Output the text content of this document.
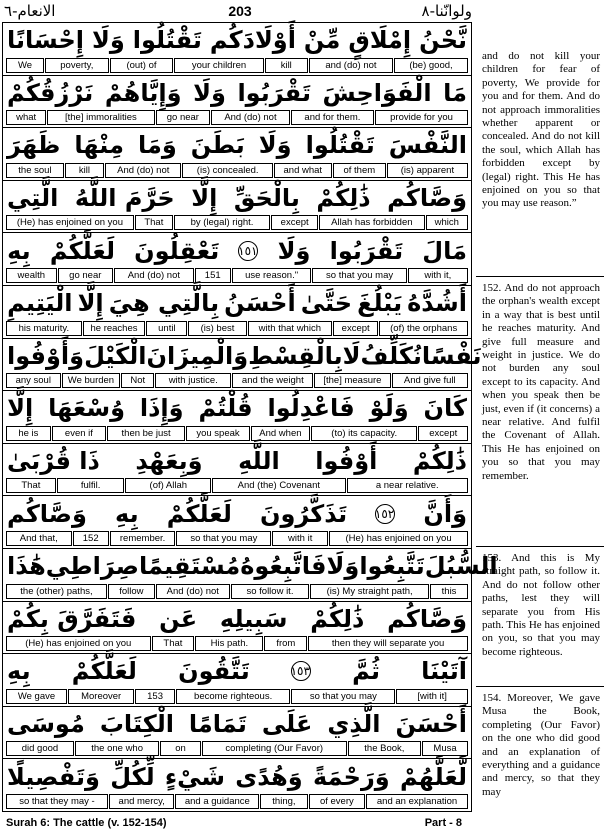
الانعام-٦	203	ولوانّنا-٨
إِحْسَانًا وَلَا تَقْتُلُوا أَوْلَادَكُم مِّنْ إِمْلَاقٍ نَّحْنُ
We	poverty,	(out) of	your children	kill	and (do) not	(be) good,
نَرْزُقُكُمْ وَإِيَّاهُمْ وَلَا تَقْرَبُوا الْفَوَاحِشَ مَا
what	[the] immoralities	go near	And (do) not	and for them.	provide for you
ظَهَرَ مِنْهَا وَمَا بَطَنَ وَلَا تَقْتُلُوا النَّفْسَ
the soul	kill	And (do) not	(is) concealed.	and what	of them	(is) apparent
الَّتِي حَرَّمَ اللَّهُ إِلَّا بِالْحَقِّ ذَٰلِكُمْ وَصَّاكُم
(He) has enjoined on you	That	by (legal) right.	except	Allah has forbidden	which
بِهِ لَعَلَّكُمْ تَعْقِلُونَ ١٥١ وَلَا تَقْرَبُوا مَالَ
wealth	go near	And (do) not	151	use reason."	so that you may	with it,
الْيَتِيمِ إِلَّا بِالَّتِي هِيَ أَحْسَنُ حَتَّىٰ يَبْلُغَ أَشُدَّهُ
his maturity.	he reaches	until	(is) best	with that which	except	(of) the orphans
وَأَوْفُوا الْكَيْلَ وَالْمِيزَانَ بِالْقِسْطِ لَا نُكَلِّفُ نَفْسًا
any soul	We burden	Not	with justice.	and the weight	[the] measure	And give full
إِلَّا وُسْعَهَا وَإِذَا قُلْتُمْ فَاعْدِلُوا وَلَوْ كَانَ
he is	even if	then be just	you speak	And when	(to) its capacity.	except
ذَا قُرْبَىٰ وَبِعَهْدِ اللَّهِ أَوْفُوا ذَٰلِكُمْ
That	fulfil.	(of) Allah	And (the) Covenant	a near relative.
وَصَّاكُم بِهِ لَعَلَّكُمْ تَذَكَّرُونَ ١٥٢ وَأَنَّ
And that,	152	remember.	so that you may	with it	(He) has enjoined on you
هَٰذَا صِرَاطِي مُسْتَقِيمًا فَاتَّبِعُوهُ وَلَا تَتَّبِعُوا السُّبُلَ
the (other) paths,	follow	And (do) not	so follow it.	(is) My straight path,	this
فَتَفَرَّقَ بِكُمْ عَن سَبِيلِهِ ذَٰلِكُمْ وَصَّاكُم
(He) has enjoined on you	That	His path.	from	then they will separate you
بِهِ لَعَلَّكُمْ تَتَّقُونَ	١٥٣ ثُمَّ آتَيْنَا
We gave	Moreover	153	become righteous.	so that you may	[with it]
مُوسَى الْكِتَابَ تَمَامًا عَلَى الَّذِي أَحْسَنَ
did good	the one who	on	completing (Our Favor)	the Book,	Musa
وَتَفْصِيلًا لِّكُلِّ شَيْءٍ وَهُدًى وَرَحْمَةً لَّعَلَّهُمْ
so that they may -	and mercy,	and a guidance	thing,	of every	and an explanation
and do not kill your children for fear of poverty, We provide for you and for them. And do not approach immoralities whether apparent or concealed. And do not kill the soul, which Allah has forbidden except by (legal) right. This He has enjoined on you so that you may use reason.”
152. And do not approach the orphan's wealth except in a way that is best until he reaches maturity. And give full measure and weight in justice. We do not burden any soul except to its capacity. And when you speak then be just, even if (it concerns) a near relative. And fulfil the Covenant of Allah. This He has enjoined on you so that you may remember.
153. And this is My straight path, so follow it. And do not follow other paths, lest they will separate you from His path. This He has enjoined on you, so that you may become righteous.
154. Moreover, We gave Musa the Book, completing (Our Favor) on the one who did good and an explanation of everything and a guidance and mercy, so that they may
Surah 6: The cattle (v. 152-154)	Part - 8
